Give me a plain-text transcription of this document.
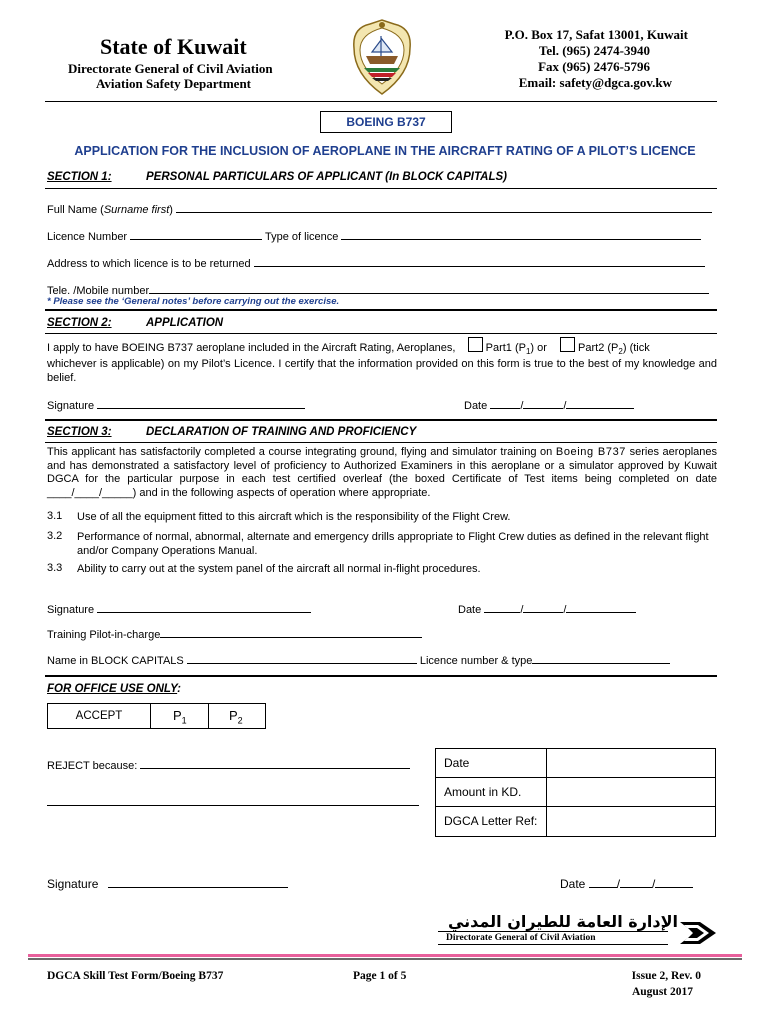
State of Kuwait
Directorate General of Civil Aviation
Aviation Safety Department
P.O. Box 17, Safat 13001, Kuwait
Tel. (965) 2474-3940
Fax (965) 2476-5796
Email: safety@dgca.gov.kw
BOEING B737
APPLICATION FOR THE INCLUSION OF AEROPLANE IN THE AIRCRAFT RATING OF A PILOT’S LICENCE
SECTION 1:	PERSONAL PARTICULARS OF APPLICANT (In BLOCK CAPITALS)
Full Name (Surname first)
Licence Number	Type of licence
Address to which licence is to be returned
Tele. /Mobile number
* Please see the ‘General notes’ before carrying out the exercise.
SECTION 2:	APPLICATION
I apply to have BOEING B737 aeroplane included in the Aircraft Rating, Aeroplanes,	Part1 $(P_1)$ or	Part2 $(P_2)$ (tick
whichever is applicable) on my Pilot’s Licence. I certify that the information provided on this form is true to the best of my knowledge and belief.
Signature	Date	/	/
SECTION 3:	DECLARATION OF TRAINING AND PROFICIENCY
This applicant has satisfactorily completed a course integrating ground, flying and simulator training on Boeing B737 series aeroplanes and has demonstrated a satisfactory level of proficiency to Authorized Examiners in this aeroplane or a simulator approved by Kuwait DGCA for the particular purpose in each test certified overleaf (the boxed Certificate of Test items being completed on date ____/____/_____) and in the following aspects of operation where appropriate.
3.1 Use of all the equipment fitted to this aircraft which is the responsibility of the Flight Crew.
3.2 Performance of normal, abnormal, alternate and emergency drills appropriate to Flight Crew duties as defined in the relevant flight and/or Company Operations Manual.
3.3 Ability to carry out at the system panel of the aircraft all normal in-flight procedures.
Signature	Date	/	/
Training Pilot-in-charge
Name in BLOCK CAPITALS	Licence number & type
FOR OFFICE USE ONLY:
ACCEPT	$P_1$	$P_2$
REJECT because:	Date
Amount in KD.
DGCA Letter Ref:
Signature	Date	/	/
الإدارة العامة للطيران المدني
Directorate General of Civil Aviation
DGCA Skill Test Form/Boeing B737	Page 1 of 5	Issue 2, Rev. 0
August 2017
